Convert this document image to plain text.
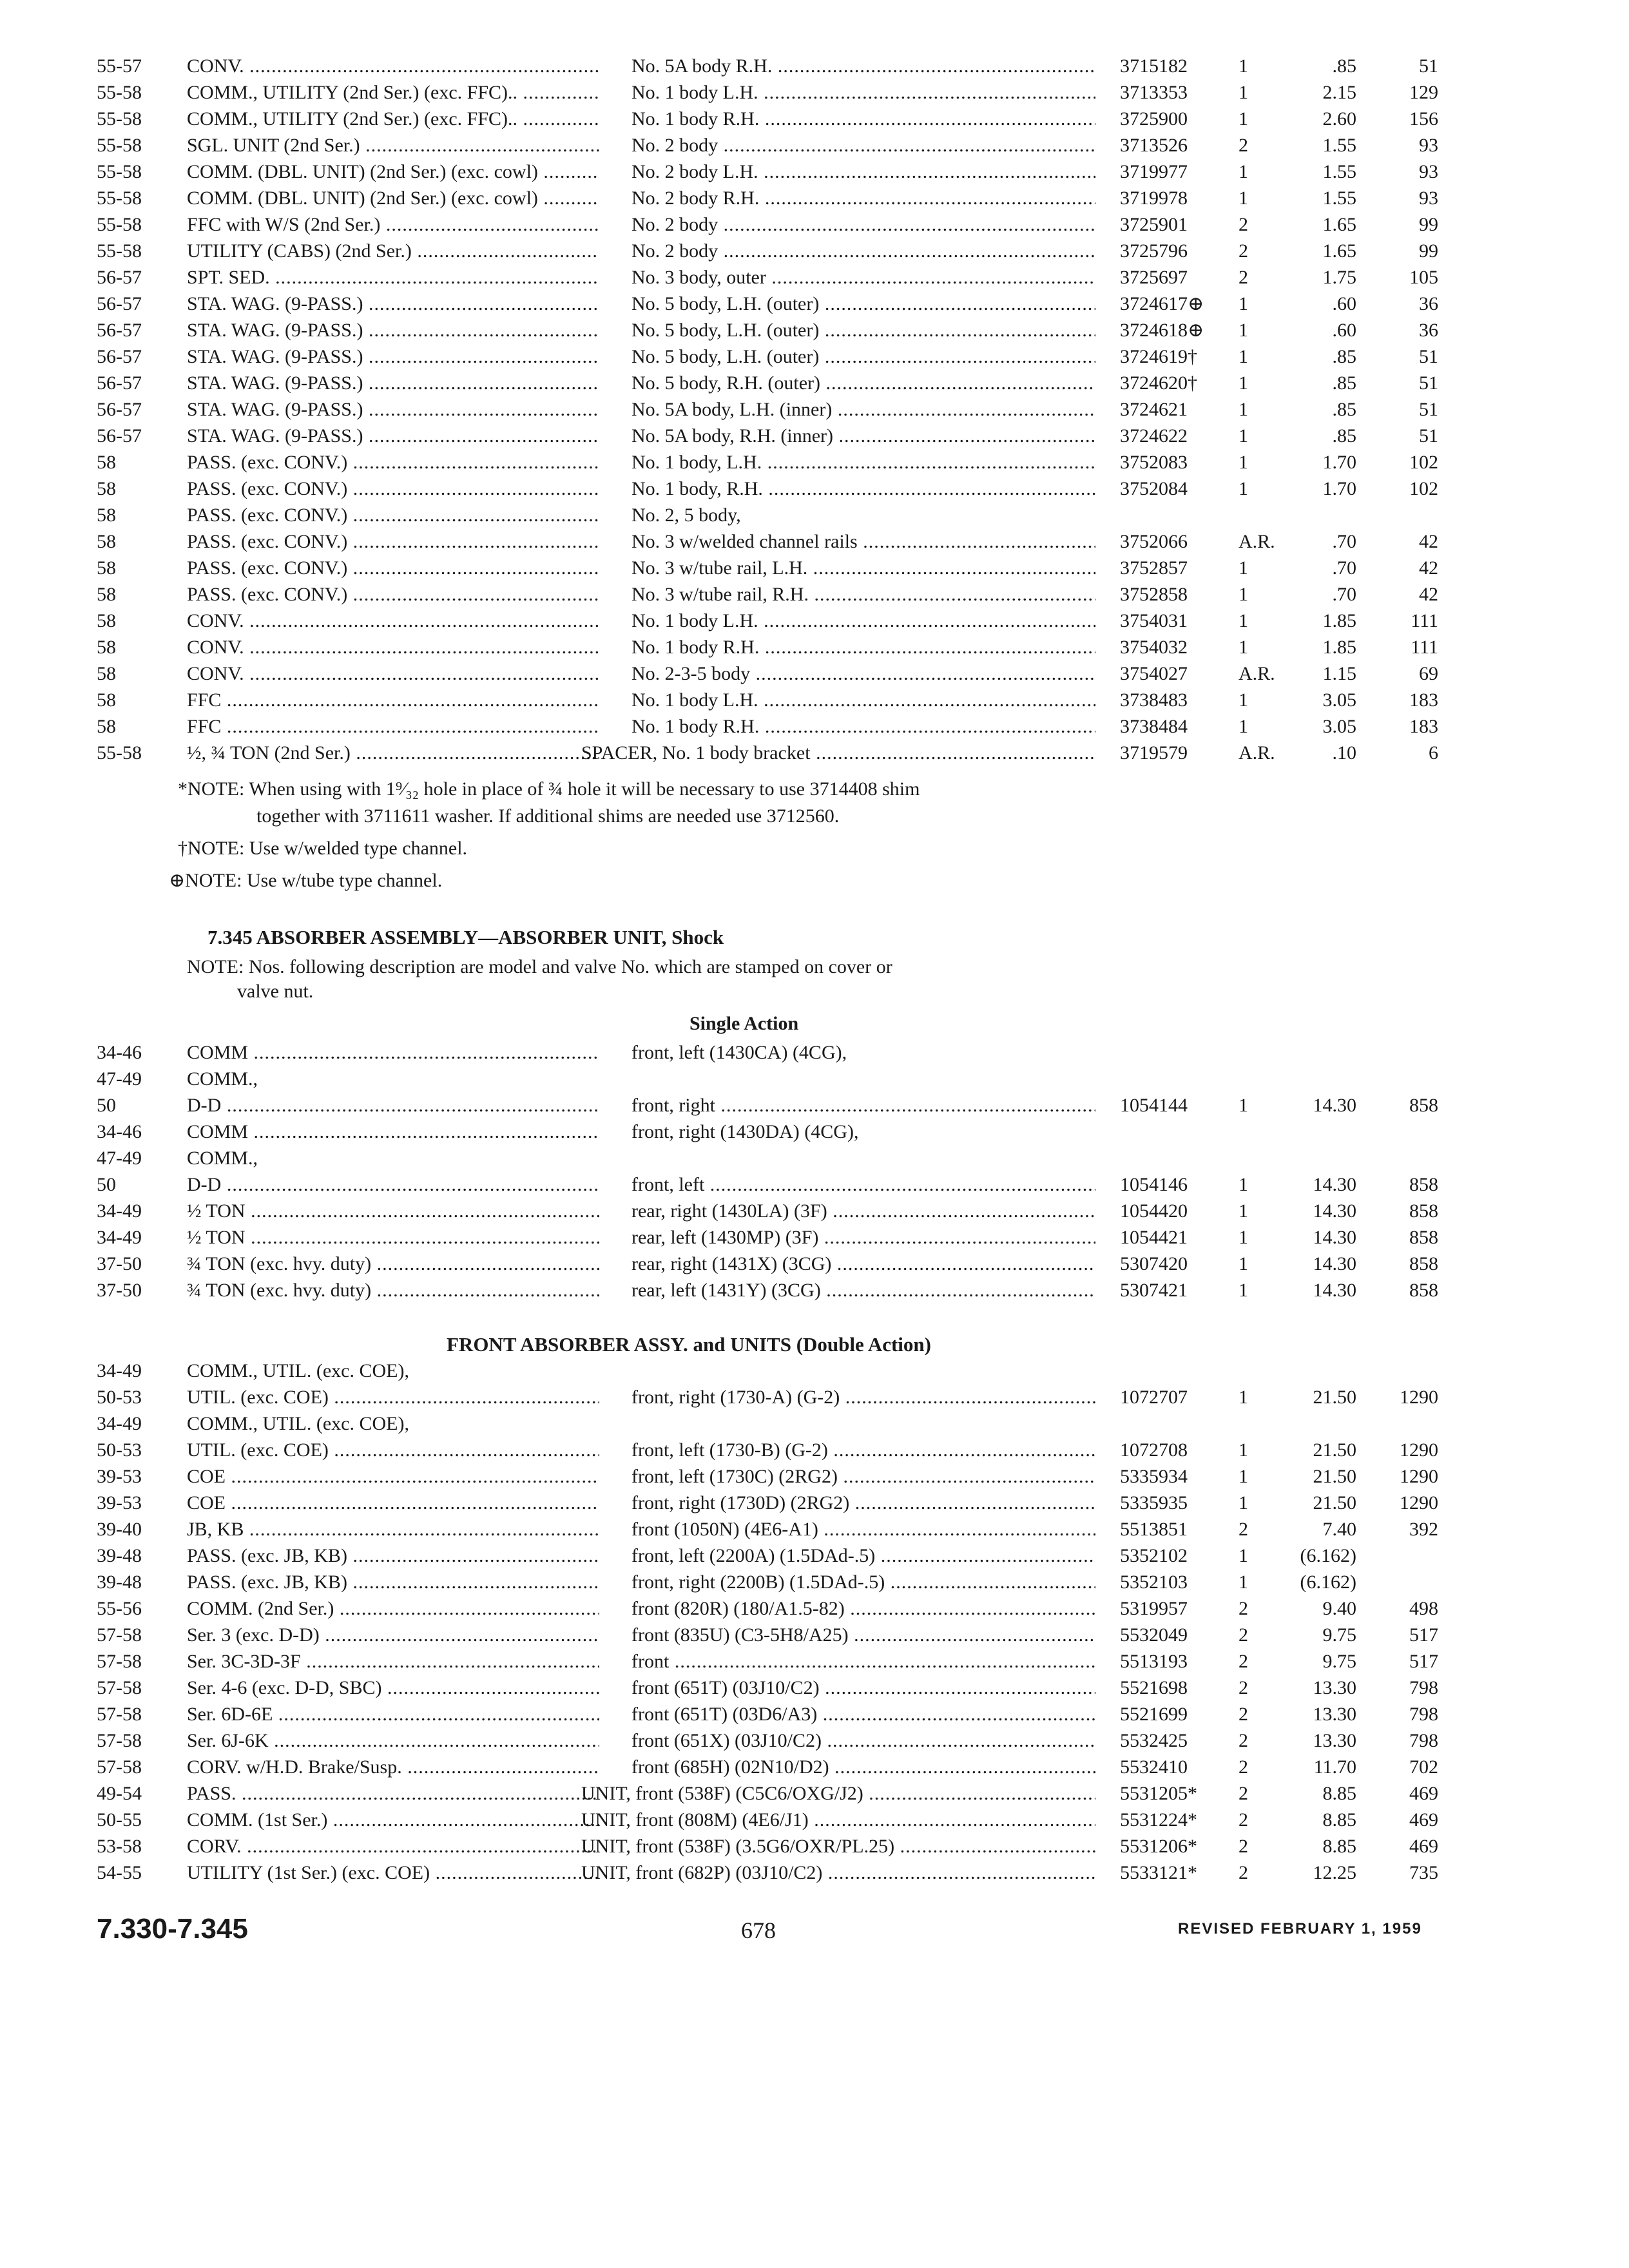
55-57	CONV. .....	No. 5A body R.H. .....	3715182	1	.85	51
55-58	COMM., UTILITY (2nd Ser.) (exc. FFC).. .....	No. 1 body L.H. .....	3713353	1	2.15	129
55-58	COMM., UTILITY (2nd Ser.) (exc. FFC).. .....	No. 1 body R.H. .....	3725900	1	2.60	156
55-58	SGL. UNIT (2nd Ser.) .....	No. 2 body .....	3713526	2	1.55	93
55-58	COMM. (DBL. UNIT) (2nd Ser.) (exc. cowl) .....	No. 2 body L.H. .....	3719977	1	1.55	93
55-58	COMM. (DBL. UNIT) (2nd Ser.) (exc. cowl) .....	No. 2 body R.H. .....	3719978	1	1.55	93
55-58	FFC with W/S (2nd Ser.) .....	No. 2 body .....	3725901	2	1.65	99
55-58	UTILITY (CABS) (2nd Ser.) .....	No. 2 body .....	3725796	2	1.65	99
56-57	SPT. SED. .....	No. 3 body, outer .....	3725697	2	1.75	105
56-57	STA. WAG. (9-PASS.) .....	No. 5 body, L.H. (outer) .....	3724617⊕	1	.60	36
56-57	STA. WAG. (9-PASS.) .....	No. 5 body, L.H. (outer) .....	3724618⊕	1	.60	36
56-57	STA. WAG. (9-PASS.) .....	No. 5 body, L.H. (outer) .....	3724619†	1	.85	51
56-57	STA. WAG. (9-PASS.) .....	No. 5 body, R.H. (outer) .....	3724620†	1	.85	51
56-57	STA. WAG. (9-PASS.) .....	No. 5A body, L.H. (inner) .....	3724621	1	.85	51
56-57	STA. WAG. (9-PASS.) .....	No. 5A body, R.H. (inner) .....	3724622	1	.85	51
58	PASS. (exc. CONV.) .....	No. 1 body, L.H. .....	3752083	1	1.70	102
58	PASS. (exc. CONV.) .....	No. 1 body, R.H. .....	3752084	1	1.70	102
58	PASS. (exc. CONV.) .....	No. 2, 5 body,
58	PASS. (exc. CONV.) .....	No. 3 w/welded channel rails .....	3752066	A.R.	.70	42
58	PASS. (exc. CONV.) .....	No. 3 w/tube rail, L.H. .....	3752857	1	.70	42
58	PASS. (exc. CONV.) .....	No. 3 w/tube rail, R.H. .....	3752858	1	.70	42
58	CONV. .....	No. 1 body L.H. .....	3754031	1	1.85	111
58	CONV. .....	No. 1 body R.H. .....	3754032	1	1.85	111
58	CONV. .....	No. 2-3-5 body .....	3754027	A.R.	1.15	69
58	FFC .....	No. 1 body L.H. .....	3738483	1	3.05	183
58	FFC .....	No. 1 body R.H. .....	3738484	1	3.05	183
55-58	½, ¾ TON (2nd Ser.) .....	SPACER, No. 1 body bracket .....	3719579	A.R.	.10	6
*NOTE: When using with 1⁹⁄₃₂ hole in place of ¾ hole it will be necessary to use 3714408 shim
together with 3711611 washer. If additional shims are needed use 3712560.
†NOTE: Use w/welded type channel.
⊕NOTE: Use w/tube type channel.
7.345 ABSORBER ASSEMBLY—ABSORBER UNIT, Shock
NOTE: Nos. following description are model and valve No. which are stamped on cover or
valve nut.
Single Action
34-46	COMM .....	front, left (1430CA) (4CG),
47-49	COMM.,
50	D-D .....	front, right .....	1054144	1	14.30	858
34-46	COMM .....	front, right (1430DA) (4CG),
47-49	COMM.,
50	D-D .....	front, left .....	1054146	1	14.30	858
34-49	½ TON .....	rear, right (1430LA) (3F) .....	1054420	1	14.30	858
34-49	½ TON .....	rear, left (1430MP) (3F) .....	1054421	1	14.30	858
37-50	¾ TON (exc. hvy. duty) .....	rear, right (1431X) (3CG) .....	5307420	1	14.30	858
37-50	¾ TON (exc. hvy. duty) .....	rear, left (1431Y) (3CG) .....	5307421	1	14.30	858
FRONT ABSORBER ASSY. and UNITS (Double Action)
34-49	COMM., UTIL. (exc. COE),
50-53	UTIL. (exc. COE) .....	front, right (1730-A) (G-2) .....	1072707	1	21.50	1290
34-49	COMM., UTIL. (exc. COE),
50-53	UTIL. (exc. COE) .....	front, left (1730-B) (G-2) .....	1072708	1	21.50	1290
39-53	COE .....	front, left (1730C) (2RG2) .....	5335934	1	21.50	1290
39-53	COE .....	front, right (1730D) (2RG2) .....	5335935	1	21.50	1290
39-40	JB, KB .....	front (1050N) (4E6-A1) .....	5513851	2	7.40	392
39-48	PASS. (exc. JB, KB) .....	front, left (2200A) (1.5DAd-.5) .....	5352102	1	(6.162)
39-48	PASS. (exc. JB, KB) .....	front, right (2200B) (1.5DAd-.5) .....	5352103	1	(6.162)
55-56	COMM. (2nd Ser.) .....	front (820R) (180/A1.5-82) .....	5319957	2	9.40	498
57-58	Ser. 3 (exc. D-D) .....	front (835U) (C3-5H8/A25) .....	5532049	2	9.75	517
57-58	Ser. 3C-3D-3F .....	front .....	5513193	2	9.75	517
57-58	Ser. 4-6 (exc. D-D, SBC) .....	front (651T) (03J10/C2) .....	5521698	2	13.30	798
57-58	Ser. 6D-6E .....	front (651T) (03D6/A3) .....	5521699	2	13.30	798
57-58	Ser. 6J-6K .....	front (651X) (03J10/C2) .....	5532425	2	13.30	798
57-58	CORV. w/H.D. Brake/Susp. .....	front (685H) (02N10/D2) .....	5532410	2	11.70	702
49-54	PASS. .....	UNIT, front (538F) (C5C6/OXG/J2) .....	5531205*	2	8.85	469
50-55	COMM. (1st Ser.) .....	UNIT, front (808M) (4E6/J1) .....	5531224*	2	8.85	469
53-58	CORV. .....	UNIT, front (538F) (3.5G6/OXR/PL.25) .....	5531206*	2	8.85	469
54-55	UTILITY (1st Ser.) (exc. COE) .....	UNIT, front (682P) (03J10/C2) .....	5533121*	2	12.25	735
7.330-7.345	678	REVISED FEBRUARY 1, 1959
